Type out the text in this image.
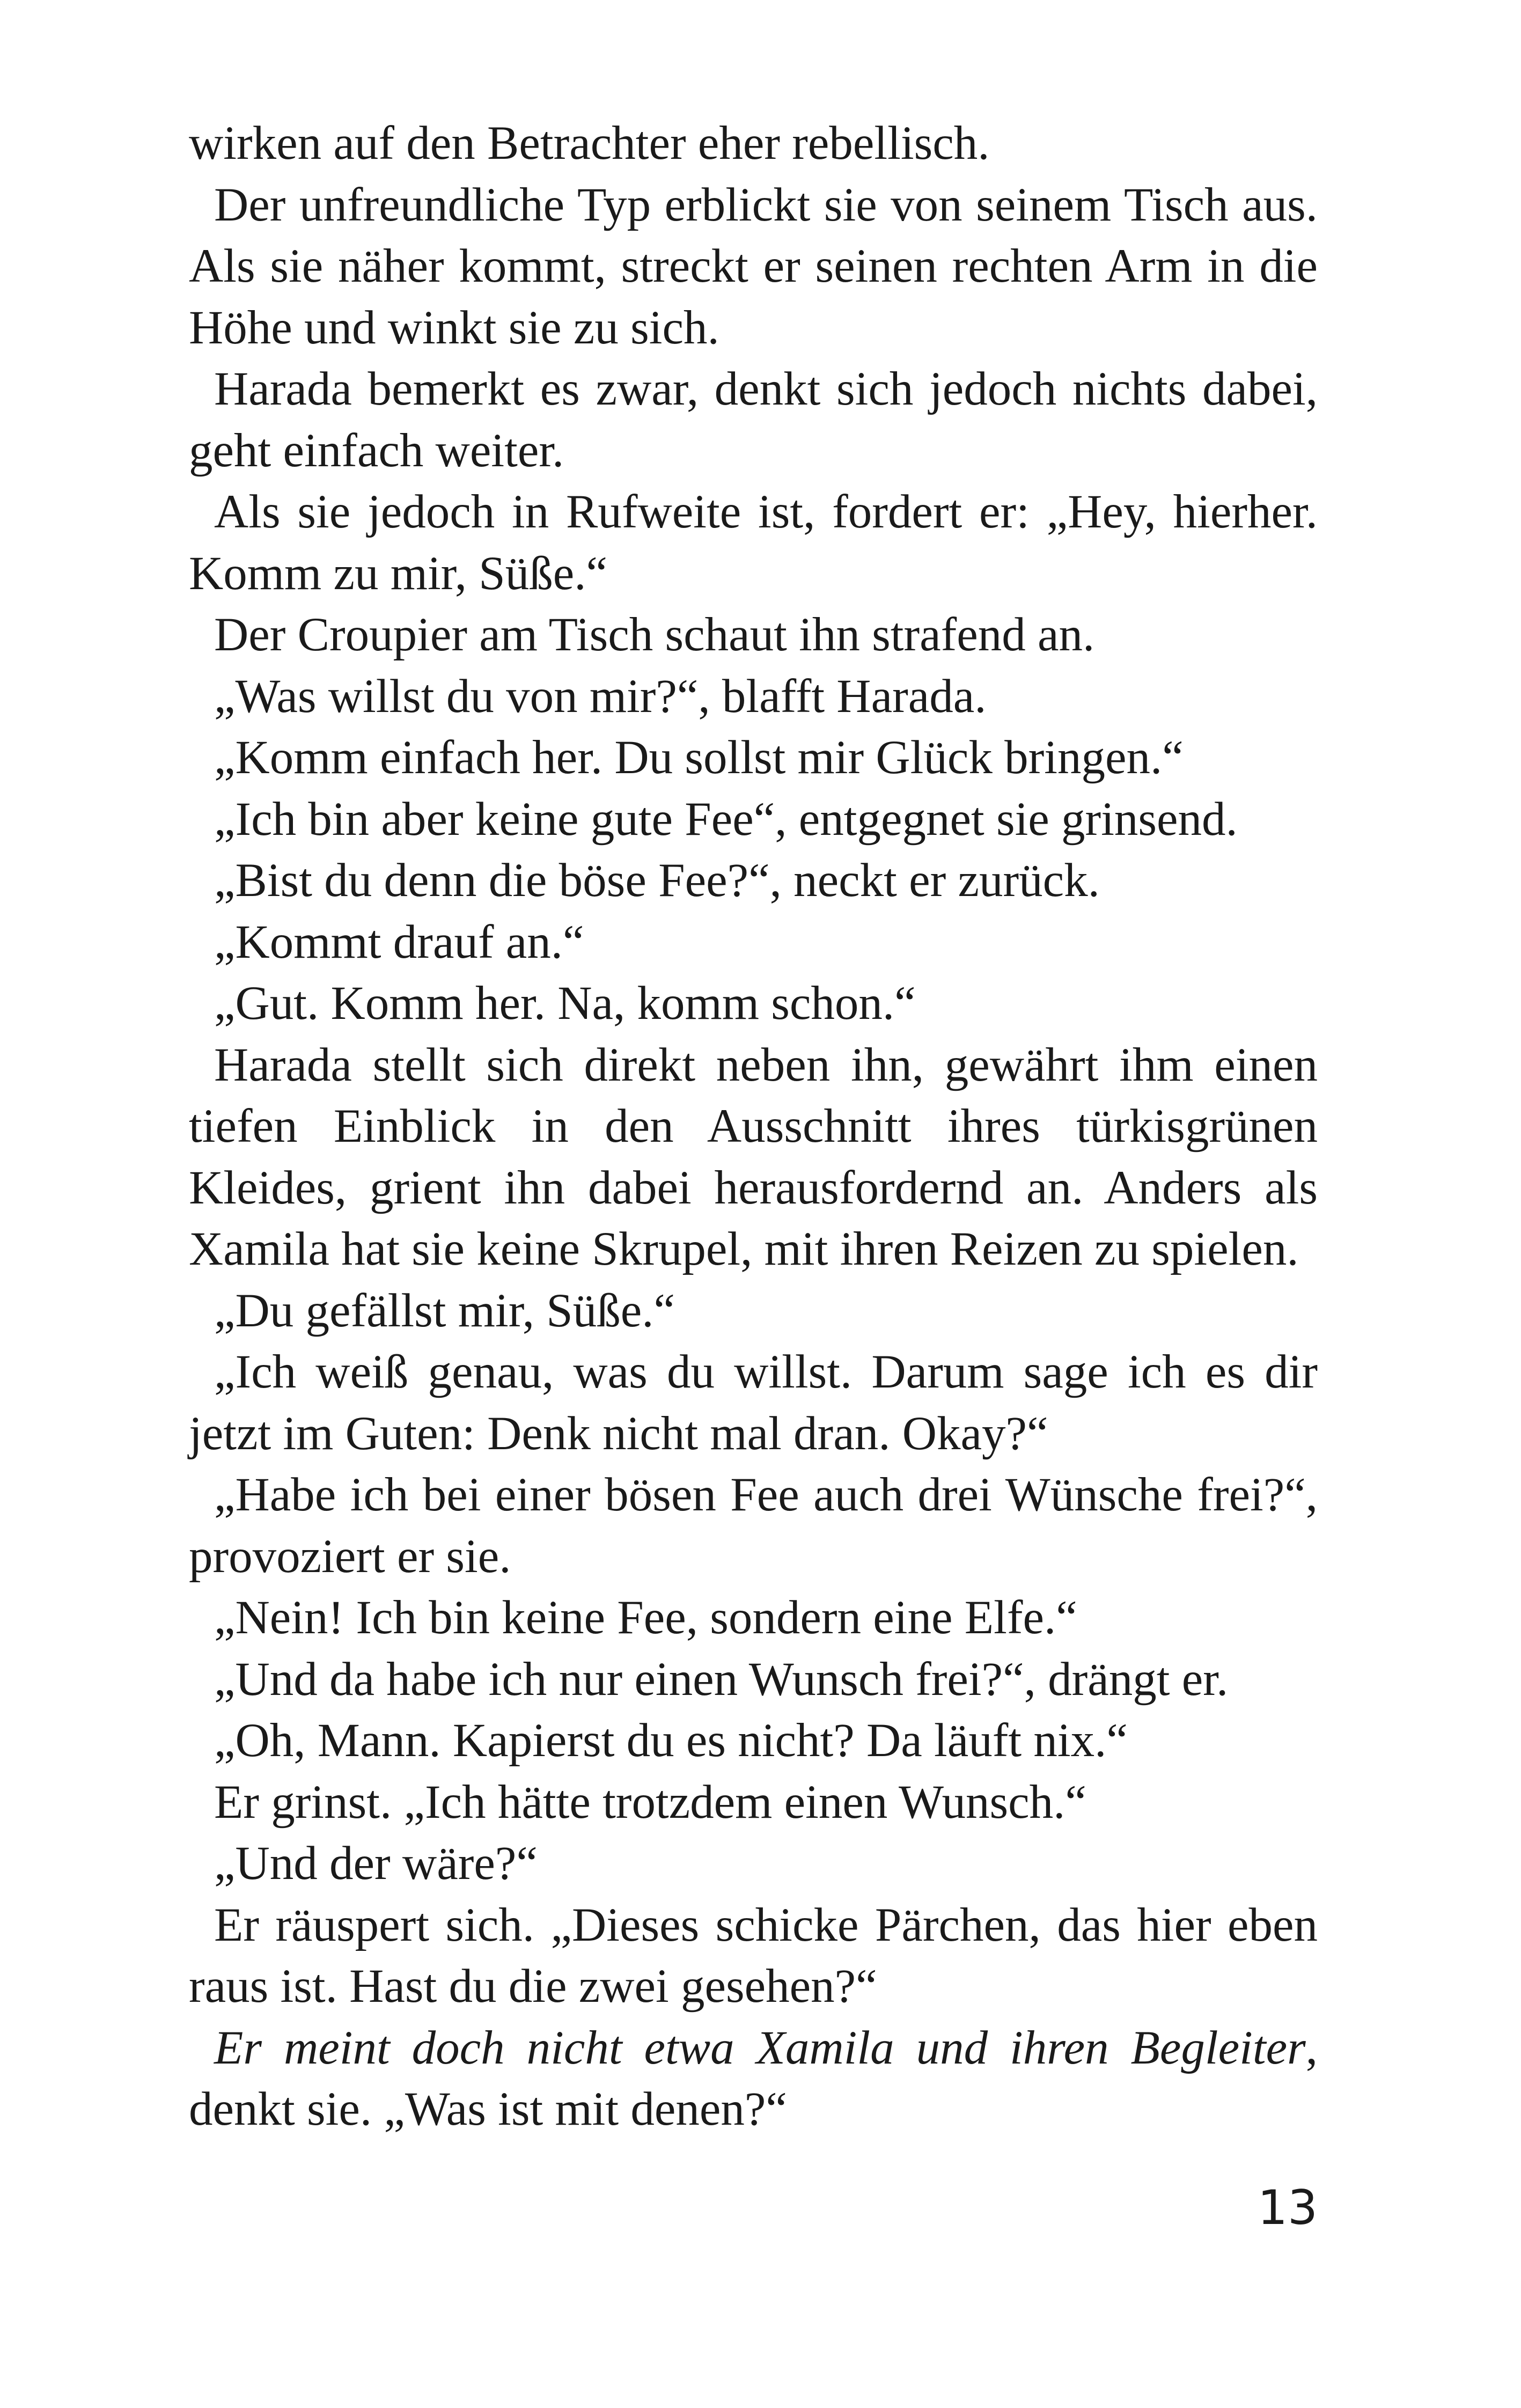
wirken auf den Betrachter eher rebellisch.

Der unfreundliche Typ erblickt sie von seinem Tisch aus. Als sie näher kommt, streckt er seinen rechten Arm in die Höhe und winkt sie zu sich.

Harada bemerkt es zwar, denkt sich jedoch nichts dabei, geht einfach weiter.

Als sie jedoch in Rufweite ist, fordert er: „Hey, hierher. Komm zu mir, Süße.“

Der Croupier am Tisch schaut ihn strafend an.

„Was willst du von mir?“, blafft Harada.

„Komm einfach her. Du sollst mir Glück bringen.“

„Ich bin aber keine gute Fee“, entgegnet sie grinsend.

„Bist du denn die böse Fee?“, neckt er zurück.

„Kommt drauf an.“

„Gut. Komm her. Na, komm schon.“

Harada stellt sich direkt neben ihn, gewährt ihm einen tiefen Einblick in den Ausschnitt ihres türkisgrünen Kleides, grient ihn dabei herausfordernd an. Anders als Xamila hat sie keine Skrupel, mit ihren Reizen zu spielen.

„Du gefällst mir, Süße.“

„Ich weiß genau, was du willst. Darum sage ich es dir jetzt im Guten: Denk nicht mal dran. Okay?“

„Habe ich bei einer bösen Fee auch drei Wünsche frei?“, provoziert er sie.

„Nein! Ich bin keine Fee, sondern eine Elfe.“

„Und da habe ich nur einen Wunsch frei?“, drängt er.

„Oh, Mann. Kapierst du es nicht? Da läuft nix.“

Er grinst. „Ich hätte trotzdem einen Wunsch.“

„Und der wäre?“

Er räuspert sich. „Dieses schicke Pärchen, das hier eben raus ist. Hast du die zwei gesehen?“

Er meint doch nicht etwa Xamila und ihren Begleiter, denkt sie. „Was ist mit denen?“

13
